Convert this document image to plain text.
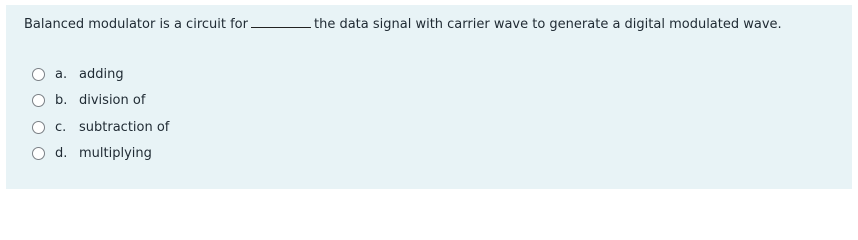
Balanced modulator is a circuit for	the data signal with carrier wave to generate a digital modulated wave.
a. adding
b. division of
c. subtraction of
d. multiplying
